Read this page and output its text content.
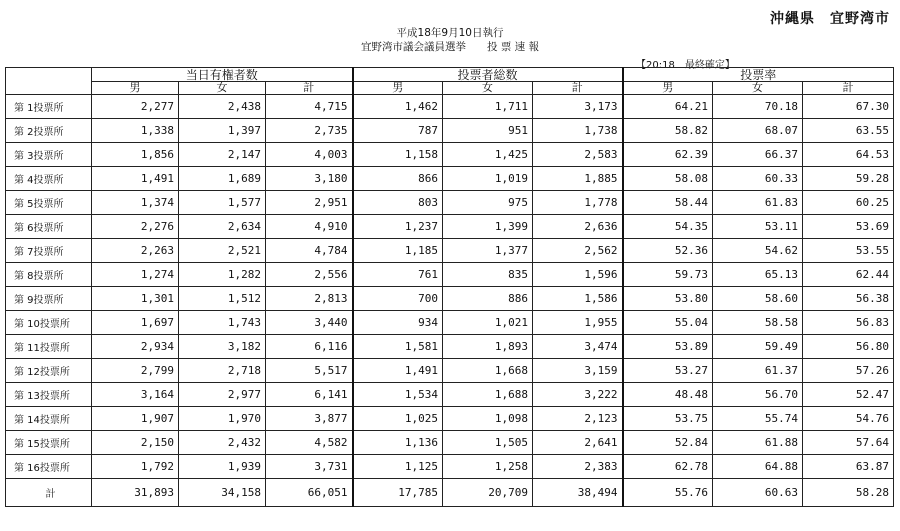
沖縄県　宜野湾市
平成18年9月10日執行
宜野湾市議会議員選挙　　投 票 速 報
【20:18　最終確定】
	当日有権者数			投票者総数			投票率		
	男	女	計	男	女	計	男	女	計
第 1投票所	2,277	2,438	4,715	1,462	1,711	3,173	64.21	70.18	67.30
第 2投票所	1,338	1,397	2,735	787	951	1,738	58.82	68.07	63.55
第 3投票所	1,856	2,147	4,003	1,158	1,425	2,583	62.39	66.37	64.53
第 4投票所	1,491	1,689	3,180	866	1,019	1,885	58.08	60.33	59.28
第 5投票所	1,374	1,577	2,951	803	975	1,778	58.44	61.83	60.25
第 6投票所	2,276	2,634	4,910	1,237	1,399	2,636	54.35	53.11	53.69
第 7投票所	2,263	2,521	4,784	1,185	1,377	2,562	52.36	54.62	53.55
第 8投票所	1,274	1,282	2,556	761	835	1,596	59.73	65.13	62.44
第 9投票所	1,301	1,512	2,813	700	886	1,586	53.80	58.60	56.38
第 10投票所	1,697	1,743	3,440	934	1,021	1,955	55.04	58.58	56.83
第 11投票所	2,934	3,182	6,116	1,581	1,893	3,474	53.89	59.49	56.80
第 12投票所	2,799	2,718	5,517	1,491	1,668	3,159	53.27	61.37	57.26
第 13投票所	3,164	2,977	6,141	1,534	1,688	3,222	48.48	56.70	52.47
第 14投票所	1,907	1,970	3,877	1,025	1,098	2,123	53.75	55.74	54.76
第 15投票所	2,150	2,432	4,582	1,136	1,505	2,641	52.84	61.88	57.64
第 16投票所	1,792	1,939	3,731	1,125	1,258	2,383	62.78	64.88	63.87
計	31,893	34,158	66,051	17,785	20,709	38,494	55.76	60.63	58.28
